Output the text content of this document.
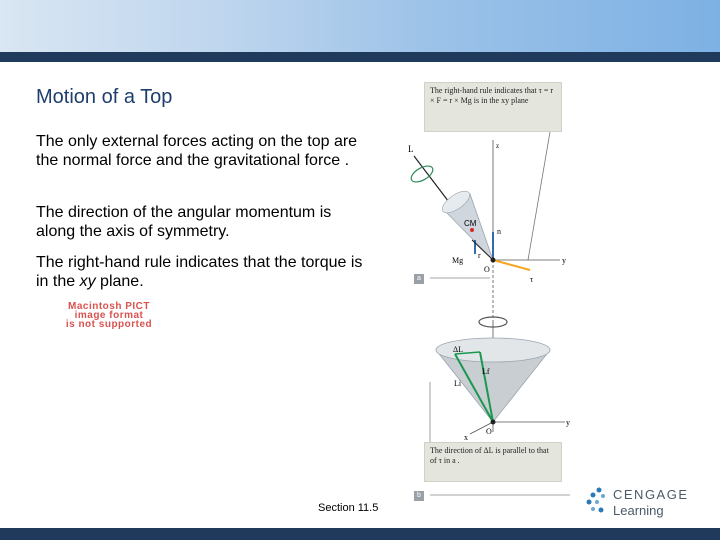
Motion of a Top
The only external forces acting on the top are the normal force and the gravitational force .
The direction of the angular momentum is along the axis of symmetry.
The right-hand rule indicates that the torque is in the xy plane.
Macintosh PICT
image format
is not supported
L
CM
n
Mg
r
O
y
z
τ
ΔL
Lf
Li
O
y
x
The right-hand rule indicates that τ = r × F = r × Mg is in the xy plane
The direction of ΔL is parallel to that of τ in a .
a
b
Section 11.5
CENGAGE
Learning
